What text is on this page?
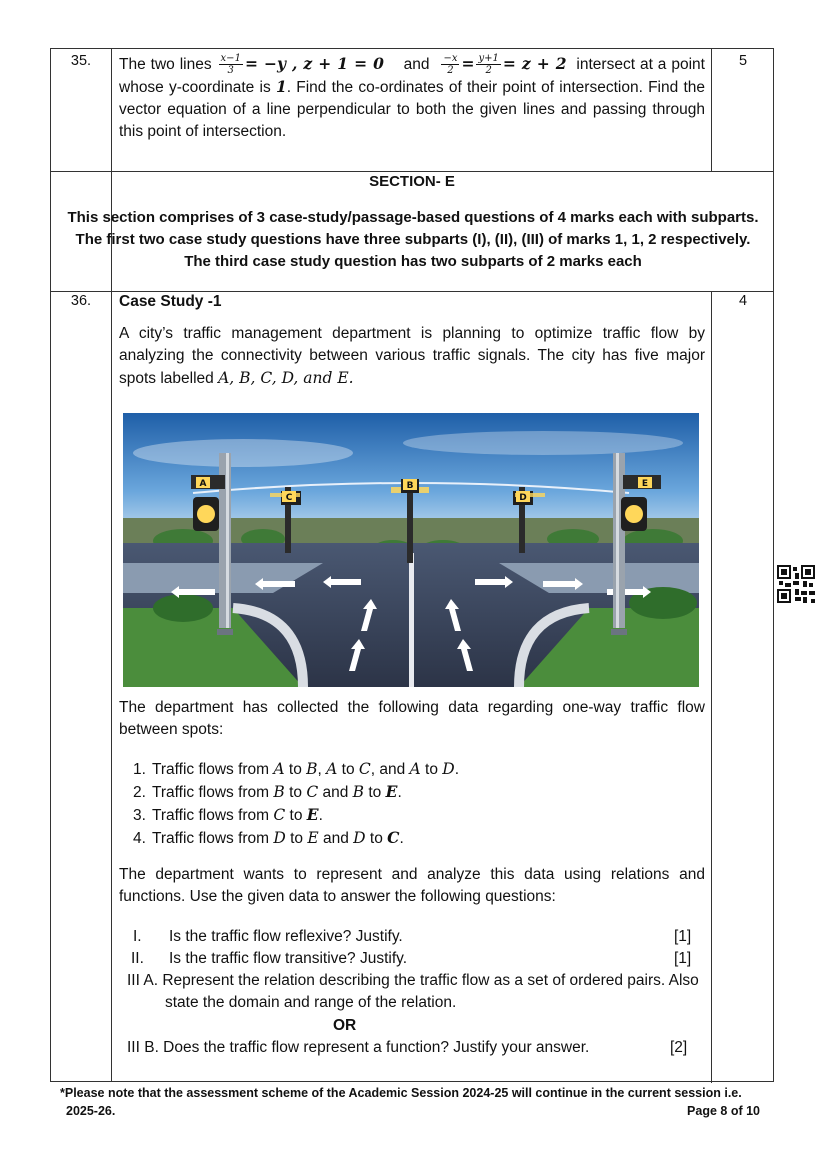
35.	5
The two lines $\frac{x-1}{3} = -y$ , z + 1 = 0 and $\frac{-x}{2} = \frac{y+1}{2} = z + 2$ intersect at a point whose y-coordinate is 1. Find the co-ordinates of their point of intersection. Find the vector equation of a line perpendicular to both the given lines and passing through this point of intersection.
SECTION- E
This section comprises of 3 case-study/passage-based questions of 4 marks each with subparts. The first two case study questions have three subparts (I), (II), (III) of marks 1, 1, 2 respectively. The third case study question has two subparts of 2 marks each
36.	4
Case Study -1
A city’s traffic management department is planning to optimize traffic flow by analyzing the connectivity between various traffic signals. The city has five major spots labelled A, B, C, D, and E.
A
C
B
D
E
The department has collected the following data regarding one-way traffic flow between spots:
1. Traffic flows from A to B, A to C, and A to D.
2. Traffic flows from B to C and B to E.
3. Traffic flows from C to E.
4. Traffic flows from D to E and D to C.
The department wants to represent and analyze this data using relations and functions. Use the given data to answer the following questions:
I. Is the traffic flow reflexive? Justify.	[1]
II. Is the traffic flow transitive? Justify.	[1]
III A. Represent the relation describing the traffic flow as a set of ordered pairs. Also state the domain and range of the relation.
OR
III B. Does the traffic flow represent a function? Justify your answer.	[2]
*Please note that the assessment scheme of the Academic Session 2024-25 will continue in the current session i.e.
2025-26.	Page 8 of 10
